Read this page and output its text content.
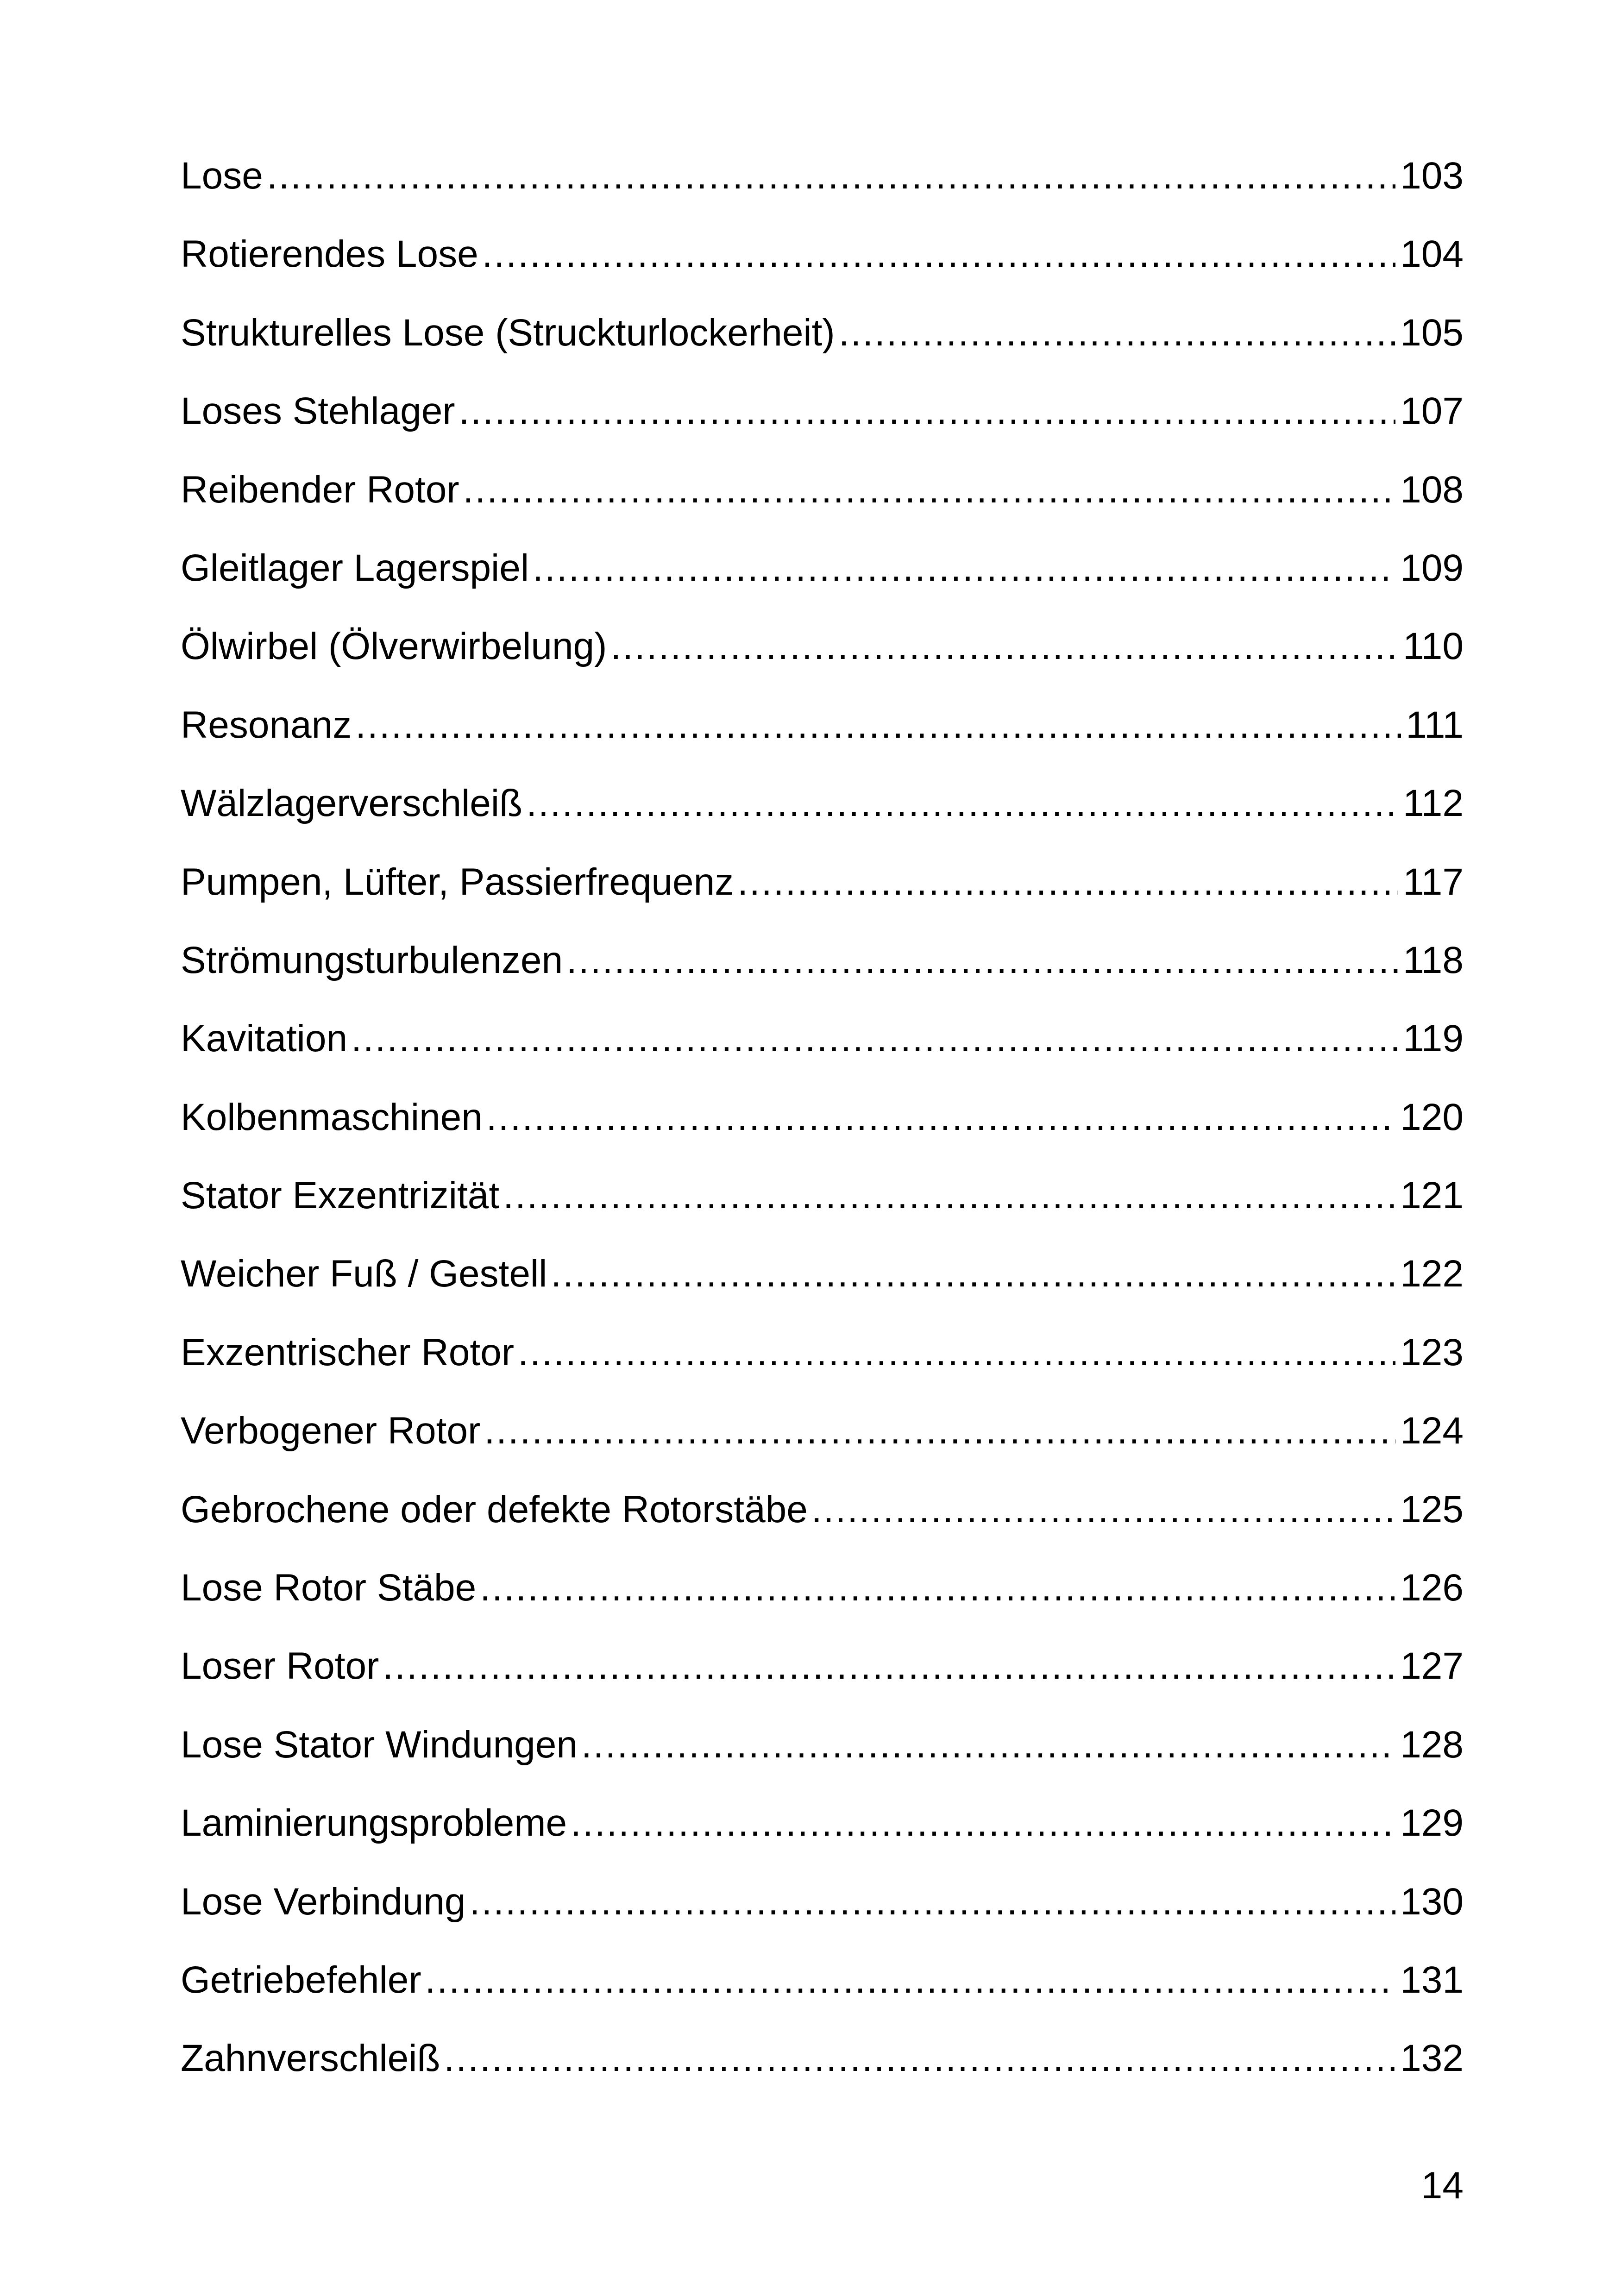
Lose .....	103
Rotierendes Lose .....	104
Strukturelles Lose (Struckturlockerheit) .....	105
Loses Stehlager .....	107
Reibender Rotor .....	108
Gleitlager Lagerspiel .....	109
Ölwirbel (Ölverwirbelung) .....	110
Resonanz .....	111
Wälzlagerverschleiß .....	112
Pumpen, Lüfter, Passierfrequenz .....	117
Strömungsturbulenzen .....	118
Kavitation .....	119
Kolbenmaschinen .....	120
Stator Exzentrizität .....	121
Weicher Fuß / Gestell .....	122
Exzentrischer Rotor .....	123
Verbogener Rotor .....	124
Gebrochene oder defekte Rotorstäbe .....	125
Lose Rotor Stäbe .....	126
Loser Rotor .....	127
Lose Stator Windungen .....	128
Laminierungsprobleme .....	129
Lose Verbindung .....	130
Getriebefehler .....	131
Zahnverschleiß .....	132
14
